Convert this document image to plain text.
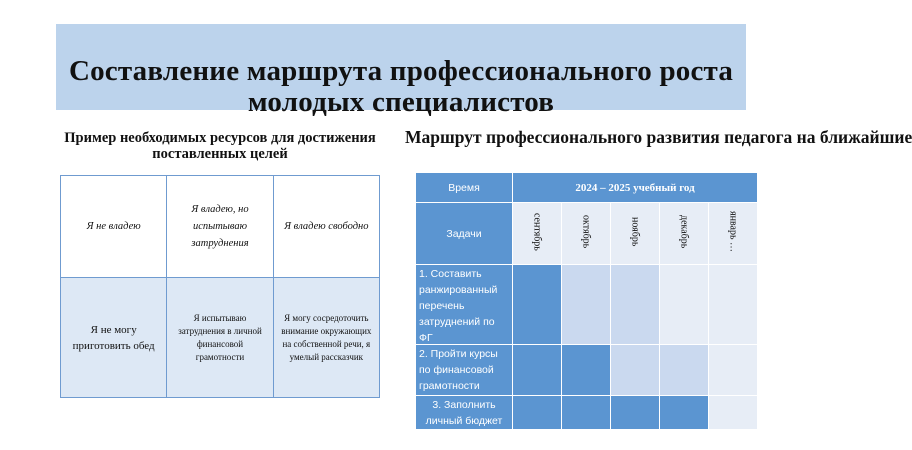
Составление маршрута профессионального роста молодых специалистов
Пример необходимых ресурсов для достижения поставленных целей
Маршрут профессионального развития педагога на ближайшие
Я не владею	Я владею, но испытываю затруднения	Я владею свободно
Я не могу приготовить обед	Я испытываю затруднения в личной финансовой грамотности	Я могу сосредоточить внимание окружающих на собственной речи, я умелый рассказчик
Время	2024 – 2025 учебный год				
Задачи	сентябрь	октябрь	ноябрь	декабрь	январь …

1. Составить ранжированный перечень затруднений по ФГ					

2. Пройти курсы по финансовой грамотности					

3. Заполнить личный бюджет					
